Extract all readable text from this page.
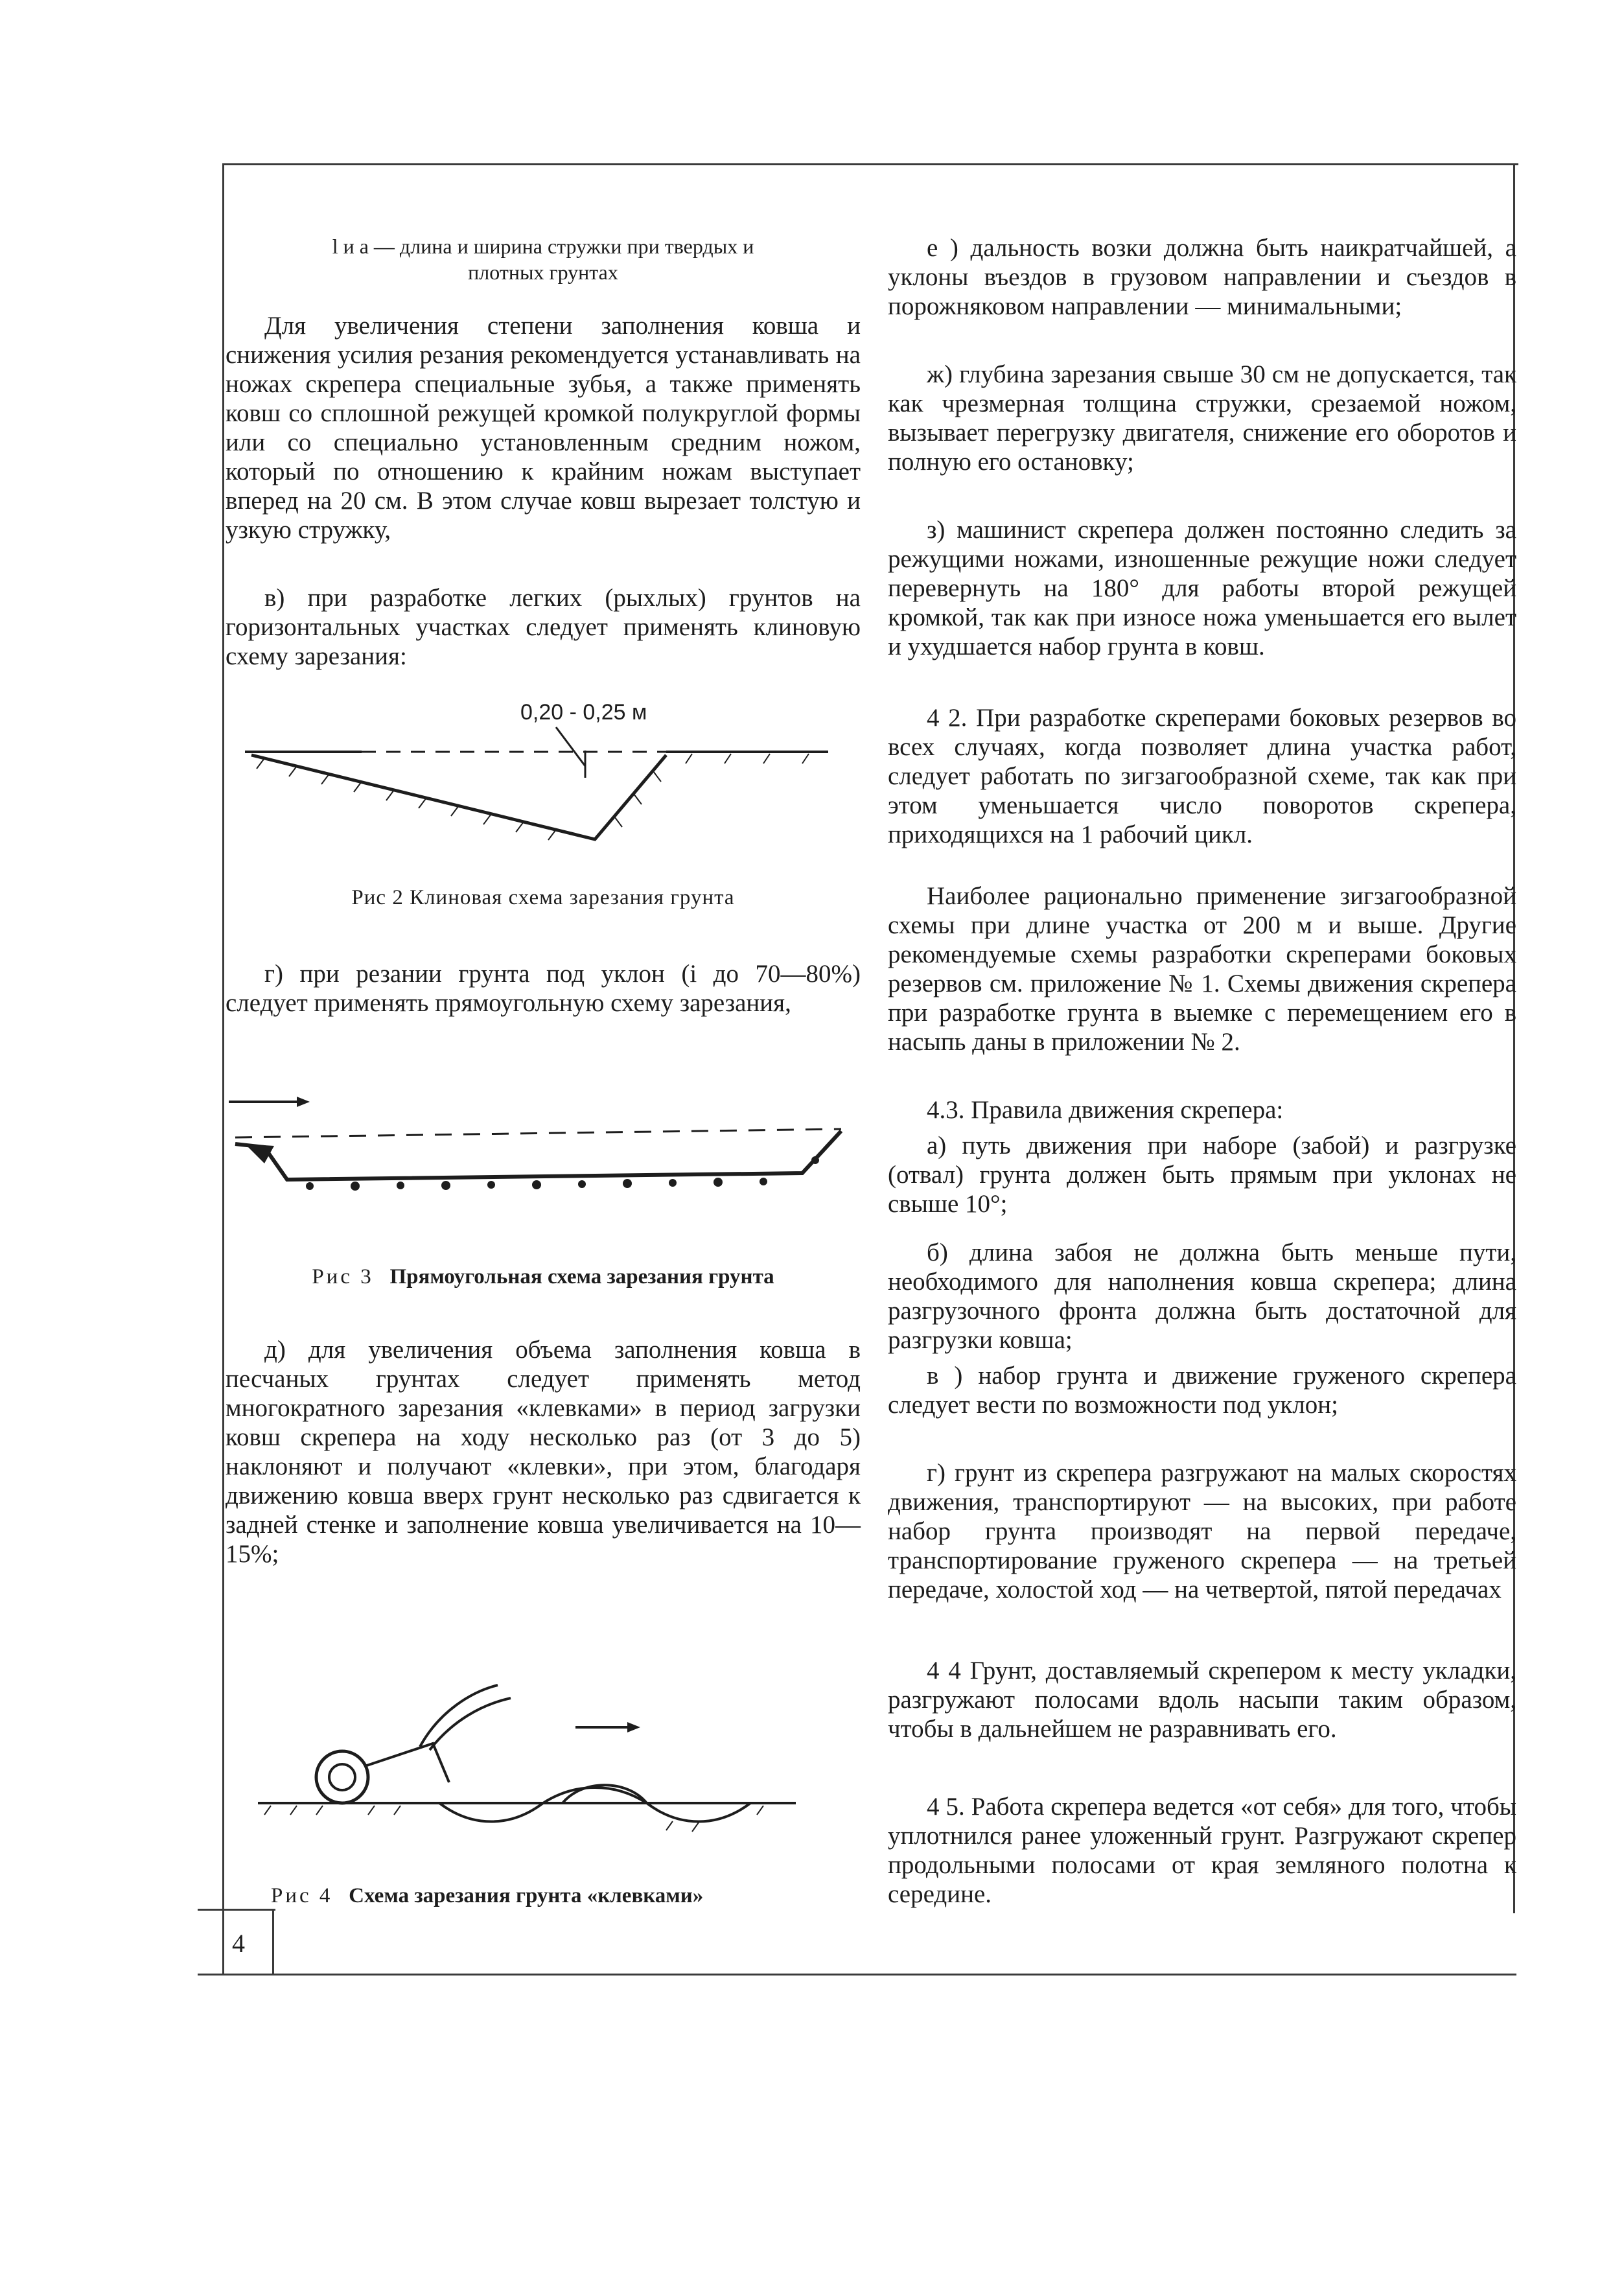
4

l и a — длина и ширина стружки при твердых и плотных грунтах

Для увеличения степени заполнения ковша и снижения усилия резания рекомендуется устанавливать на ножах скрепера специальные зубья, а также применять ковш со сплошной режущей кромкой полукруглой формы или со специально установленным средним ножом, который по отношению к крайним ножам выступает вперед на 20 см. В этом случае ковш вырезает толстую и узкую стружку,

в) при разработке легких (рыхлых) грунтов на горизонтальных участках следует применять клиновую схему зарезания:

0,20 - 0,25 м

Рис 2 Клиновая схема зарезания грунта

г) при резании грунта под уклон (i до 70—80%) следует применять прямоугольную схему зарезания,

Рис 3 Прямоугольная схема зарезания грунта

д) для увеличения объема заполнения ковша в песчаных грунтах следует применять метод многократного зарезания «клевками» в период загрузки ковш скрепера на ходу несколько раз (от 3 до 5) наклоняют и получают «клевки», при этом, благодаря движению ковша вверх грунт несколько раз сдвигается к задней стенке и заполнение ковша увеличивается на 10—15%;

Рис 4 Схема зарезания грунта «клевками»

е ) дальность возки должна быть наикратчайшей, а уклоны въездов в грузовом направлении и съездов в порожняковом направлении — минимальными;

ж) глубина зарезания свыше 30 см не допускается, так как чрезмерная толщина стружки, срезаемой ножом, вызывает перегрузку двигателя, снижение его оборотов и полную его остановку;

з) машинист скрепера должен постоянно следить за режущими ножами, изношенные режущие ножи следует перевернуть на 180° для работы второй режущей кромкой, так как при износе ножа уменьшается его вылет и ухудшается набор грунта в ковш.

4 2. При разработке скреперами боковых резервов во всех случаях, когда позволяет длина участка работ, следует работать по зигзагообразной схеме, так как при этом уменьшается число поворотов скрепера, приходящихся на 1 рабочий цикл.

Наиболее рационально применение зигзагообразной схемы при длине участка от 200 м и выше. Другие рекомендуемые схемы разработки скреперами боковых резервов см. приложение № 1. Схемы движения скрепера при разработке грунта в выемке с перемещением его в насыпь даны в приложении № 2.

4.3. Правила движения скрепера:

а) путь движения при наборе (забой) и разгрузке (отвал) грунта должен быть прямым при уклонах не свыше 10°;

б) длина забоя не должна быть меньше пути, необходимого для наполнения ковша скрепера; длина разгрузочного фронта должна быть достаточной для разгрузки ковша;

в ) набор грунта и движение груженого скрепера следует вести по возможности под уклон;

г) грунт из скрепера разгружают на малых скоростях движения, транспортируют — на высоких, при работе набор грунта производят на первой передаче, транспортирование груженого скрепера — на третьей передаче, холостой ход — на четвертой, пятой передачах

4 4 Грунт, доставляемый скрепером к месту укладки, разгружают полосами вдоль насыпи таким образом, чтобы в дальнейшем не разравнивать его.

4 5. Работа скрепера ведется «от себя» для того, чтобы уплотнился ранее уложенный грунт. Разгружают скрепер продольными полосами от края земляного полотна к середине.
